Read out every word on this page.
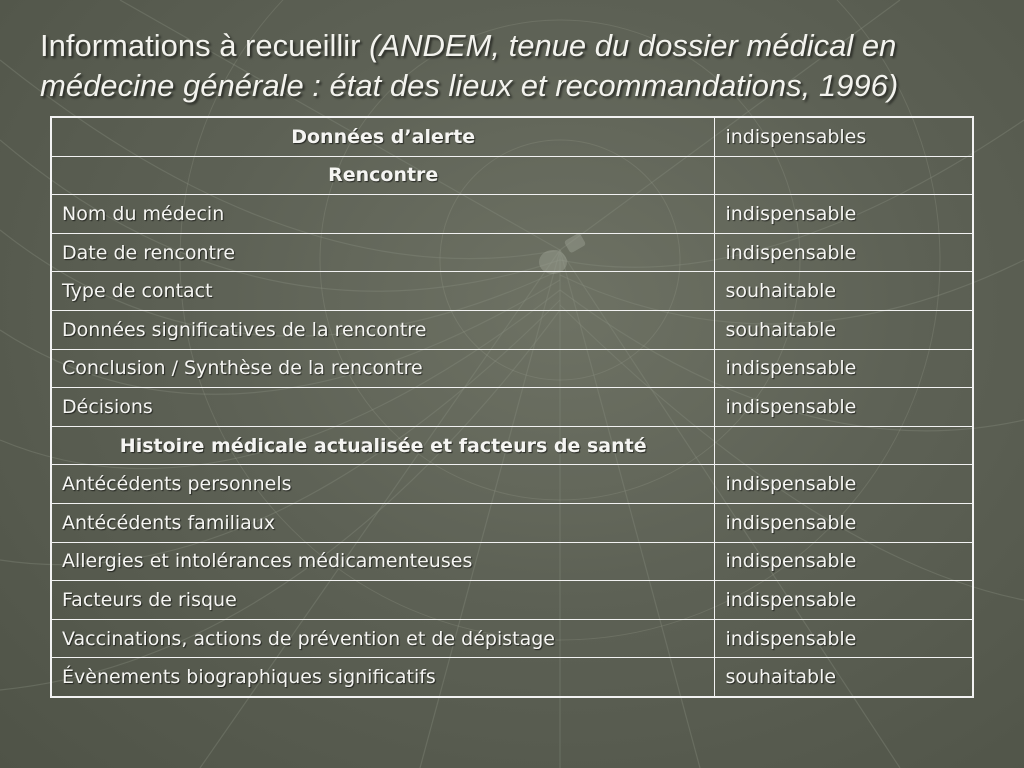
Informations à recueillir (ANDEM, tenue du dossier médical en médecine générale : état des lieux et recommandations, 1996)
Données d’alerte	indispensables
Rencontre	
Nom du médecin	indispensable
Date de rencontre	indispensable
Type de contact	souhaitable
Données significatives de la rencontre	souhaitable
Conclusion / Synthèse de la rencontre	indispensable
Décisions	indispensable
Histoire médicale actualisée et facteurs de santé	
Antécédents personnels	indispensable
Antécédents familiaux	indispensable
Allergies et intolérances médicamenteuses	indispensable
Facteurs de risque	indispensable
Vaccinations, actions de prévention et de dépistage	indispensable
Évènements biographiques significatifs	souhaitable
